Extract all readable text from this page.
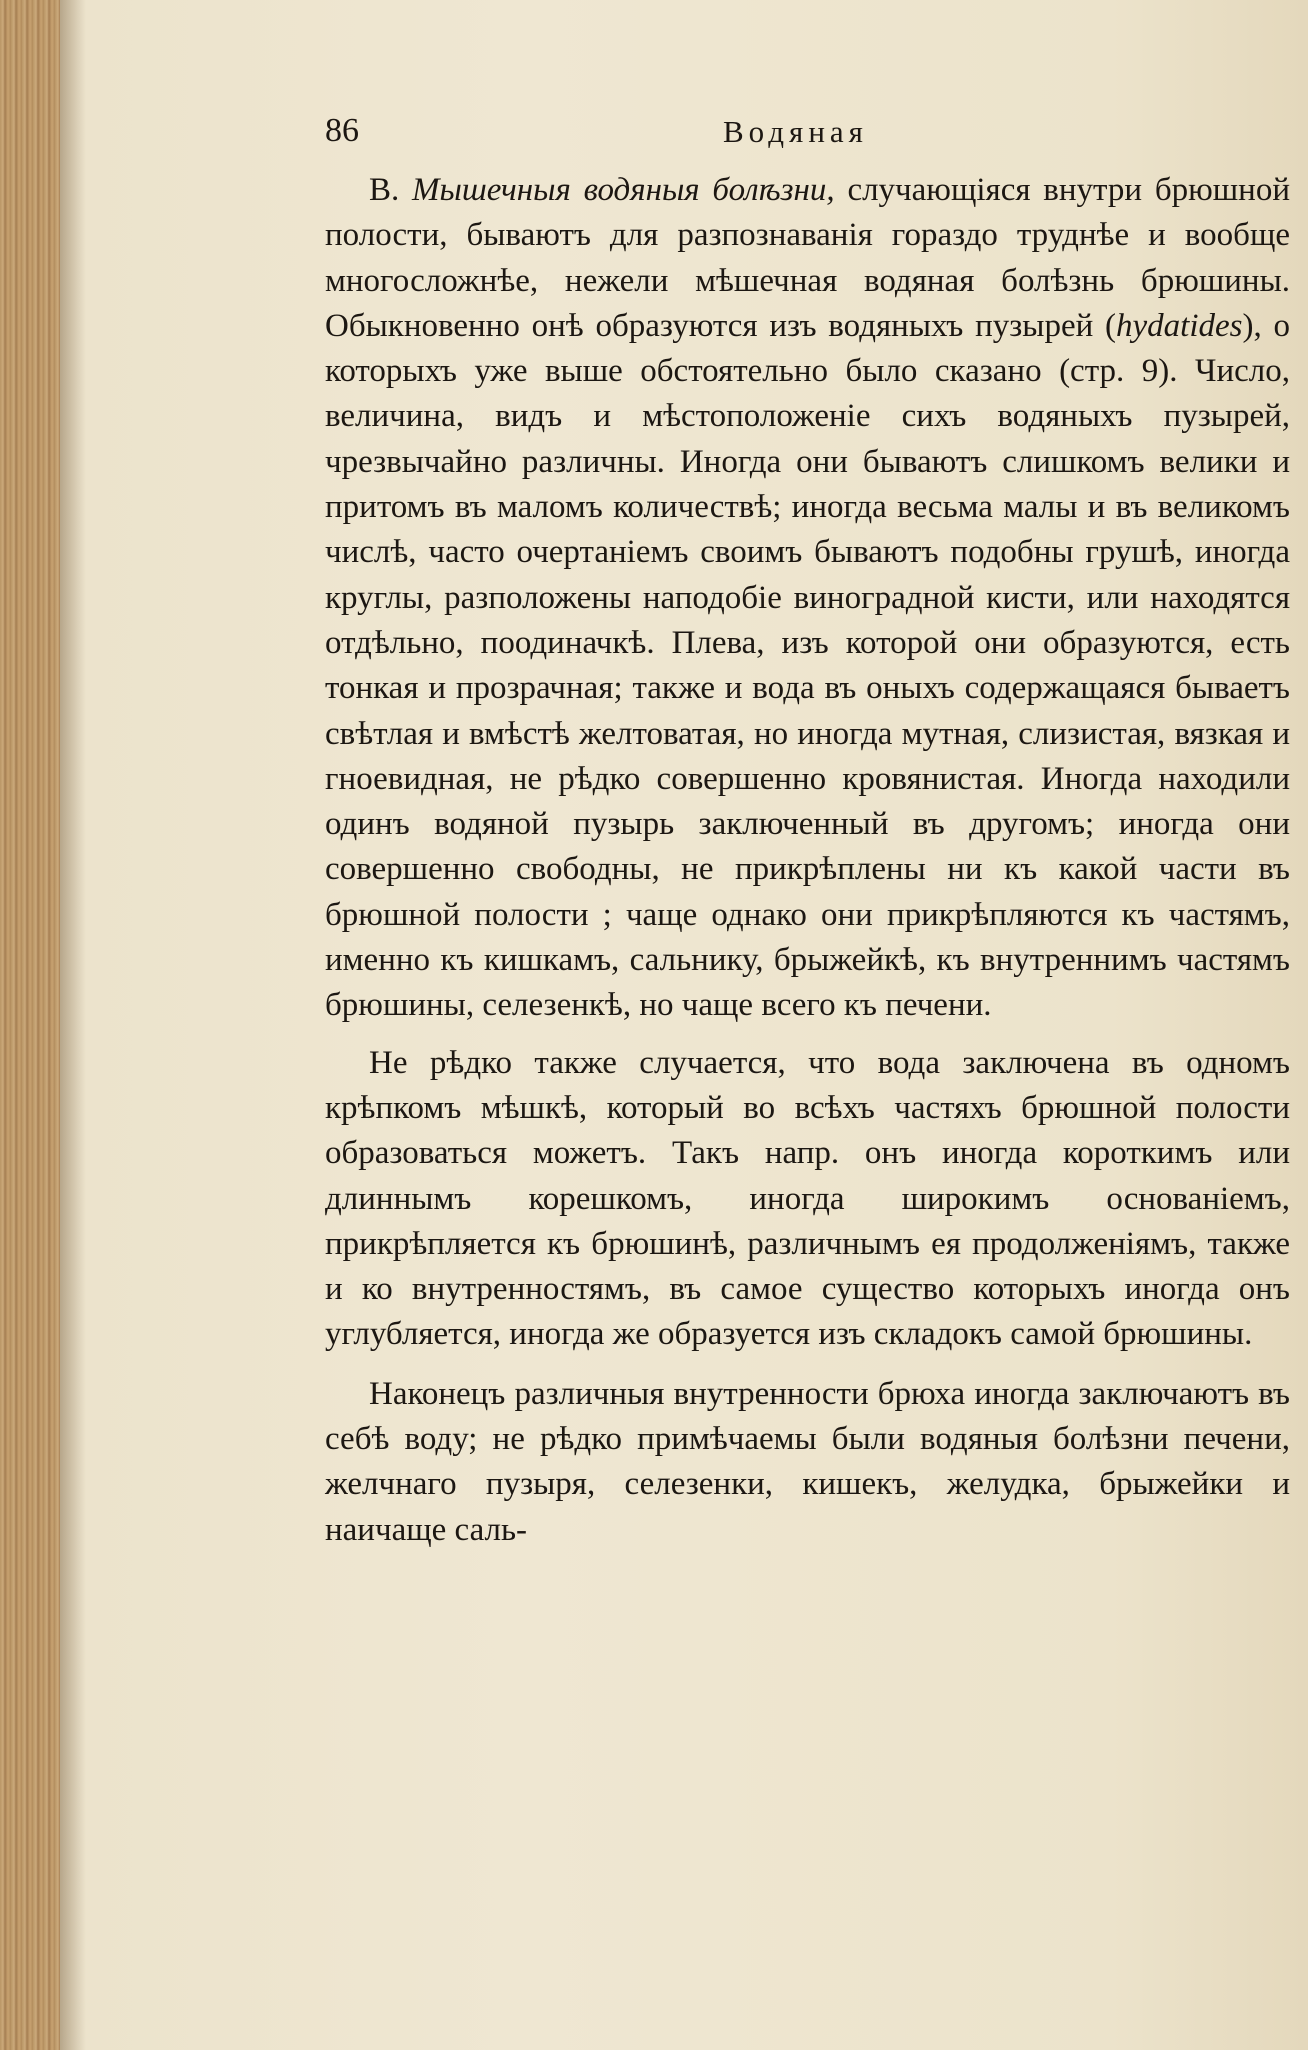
86	Водяная

В. Мышечныя водяныя болѣзни, случающіяся внутри брюшной полости, бываютъ для разпознаванія гораздо труднѣе и вообще многосложнѣе, нежели мѣшечная водяная болѣзнь брюшины. Обыкновенно онѣ образуются изъ водяныхъ пузырей (hydatides), о которыхъ уже выше обстоятельно было сказано (стр. 9). Число, величина, видъ и мѣстоположеніе сихъ водяныхъ пузырей, чрезвычайно различны. Иногда они бываютъ слишкомъ велики и притомъ въ маломъ количествѣ; иногда весьма малы и въ великомъ числѣ, часто очертаніемъ своимъ бываютъ подобны грушѣ, иногда круглы, разположены наподобіе виноградной кисти, или находятся отдѣльно, поодиначкѣ. Плева, изъ которой они образуются, есть тонкая и прозрачная; также и вода въ оныхъ содержащаяся бываетъ свѣтлая и вмѣстѣ желтоватая, но иногда мутная, слизистая, вязкая и гноевидная, не рѣдко совершенно кровянистая. Иногда находили одинъ водяной пузырь заключенный въ другомъ; иногда они совершенно свободны, не прикрѣплены ни къ какой части въ брюшной полости ; чаще однако они прикрѣпляются къ частямъ, именно къ кишкамъ, сальнику, брыжейкѣ, къ внутреннимъ частямъ брюшины, селезенкѣ, но чаще всего къ печени.

Не рѣдко также случается, что вода заключена въ одномъ крѣпкомъ мѣшкѣ, который во всѣхъ частяхъ брюшной полости образоваться можетъ. Такъ напр. онъ иногда короткимъ или длиннымъ корешкомъ, иногда широкимъ основаніемъ, прикрѣпляется къ брюшинѣ, различнымъ ея продолженіямъ, также и ко внутренностямъ, въ самое существо которыхъ иногда онъ углубляется, иногда же образуется изъ складокъ самой брюшины.

Наконецъ различныя внутренности брюха иногда заключаютъ въ себѣ воду; не рѣдко примѣчаемы были водяныя болѣзни печени, желчнаго пузыря, селезенки, кишекъ, желудка, брыжейки и наичаще саль-
